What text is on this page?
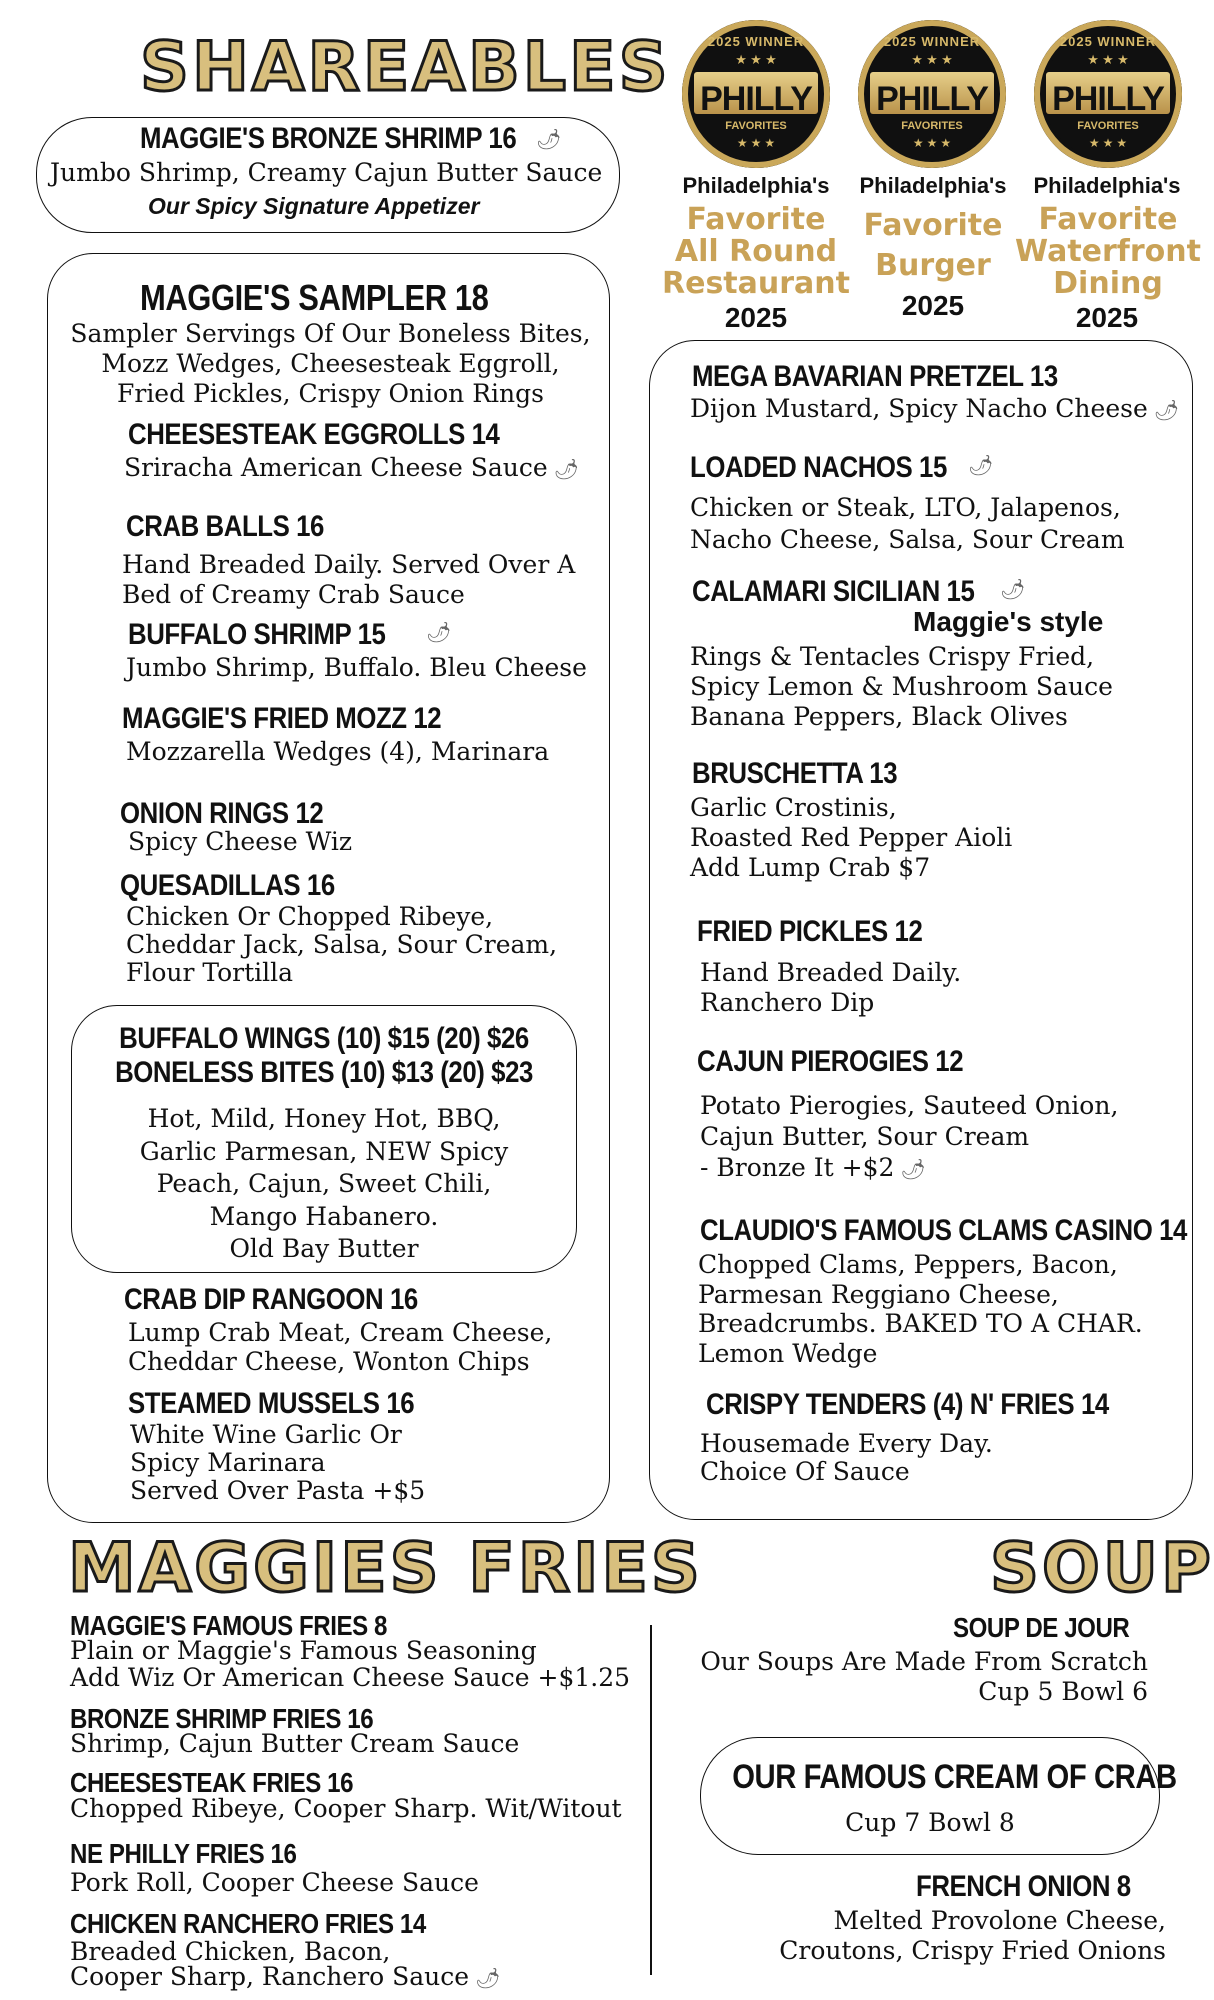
SHAREABLES
MAGGIE'S BRONZE SHRIMP 16 🌶
Jumbo Shrimp, Creamy Cajun Butter Sauce
Our Spicy Signature Appetizer
MAGGIE'S SAMPLER 18
Sampler Servings Of Our Boneless Bites,
Mozz Wedges, Cheesesteak Eggroll,
Fried Pickles, Crispy Onion Rings
CHEESESTEAK EGGROLLS 14
Sriracha American Cheese Sauce 🌶
CRAB BALLS 16
Hand Breaded Daily. Served Over A
Bed of Creamy Crab Sauce
BUFFALO SHRIMP 15 🌶
Jumbo Shrimp, Buffalo. Bleu Cheese
MAGGIE'S FRIED MOZZ 12
Mozzarella Wedges (4), Marinara
ONION RINGS 12
Spicy Cheese Wiz
QUESADILLAS 16
Chicken Or Chopped Ribeye,
Cheddar Jack, Salsa, Sour Cream,
Flour Tortilla
BUFFALO WINGS (10) $15 (20) $26
BONELESS BITES (10) $13 (20) $23
Hot, Mild, Honey Hot, BBQ,
Garlic Parmesan, NEW Spicy
Peach, Cajun, Sweet Chili,
Mango Habanero.
Old Bay Butter
CRAB DIP RANGOON 16
Lump Crab Meat, Cream Cheese,
Cheddar Cheese, Wonton Chips
STEAMED MUSSELS 16
White Wine Garlic Or
Spicy Marinara
Served Over Pasta +$5
2025 WINNER
★ ★ ★
PHILLY
FAVORITES
★ ★ ★
2025 WINNER
★ ★ ★
PHILLY
FAVORITES
★ ★ ★
2025 WINNER
★ ★ ★
PHILLY
FAVORITES
★ ★ ★
Philadelphia's
Favorite
All Round
Restaurant
2025
Philadelphia's
Favorite
Burger
2025
Philadelphia's
Favorite
Waterfront
Dining
2025
MEGA BAVARIAN PRETZEL 13
Dijon Mustard, Spicy Nacho Cheese 🌶
LOADED NACHOS 15 🌶
Chicken or Steak, LTO, Jalapenos,
Nacho Cheese, Salsa, Sour Cream
CALAMARI SICILIAN 15 🌶
Maggie's style
Rings & Tentacles Crispy Fried,
Spicy Lemon & Mushroom Sauce
Banana Peppers, Black Olives
BRUSCHETTA 13
Garlic Crostinis,
Roasted Red Pepper Aioli
Add Lump Crab $7
FRIED PICKLES 12
Hand Breaded Daily.
Ranchero Dip
CAJUN PIEROGIES 12
Potato Pierogies, Sauteed Onion,
Cajun Butter, Sour Cream
- Bronze It +$2 🌶
CLAUDIO'S FAMOUS CLAMS CASINO 14
Chopped Clams, Peppers, Bacon,
Parmesan Reggiano Cheese,
Breadcrumbs. BAKED TO A CHAR.
Lemon Wedge
CRISPY TENDERS (4) N' FRIES 14
Housemade Every Day.
Choice Of Sauce
MAGGIES FRIES
MAGGIE'S FAMOUS FRIES 8
Plain or Maggie's Famous Seasoning
Add Wiz Or American Cheese Sauce +$1.25
BRONZE SHRIMP FRIES 16
Shrimp, Cajun Butter Cream Sauce
CHEESESTEAK FRIES 16
Chopped Ribeye, Cooper Sharp. Wit/Witout
NE PHILLY FRIES 16
Pork Roll, Cooper Cheese Sauce
CHICKEN RANCHERO FRIES 14
Breaded Chicken, Bacon,
Cooper Sharp, Ranchero Sauce 🌶
SOUP
SOUP DE JOUR
Our Soups Are Made From Scratch
Cup 5 Bowl 6
OUR FAMOUS CREAM OF CRAB
Cup 7 Bowl 8
FRENCH ONION 8
Melted Provolone Cheese,
Croutons, Crispy Fried Onions
